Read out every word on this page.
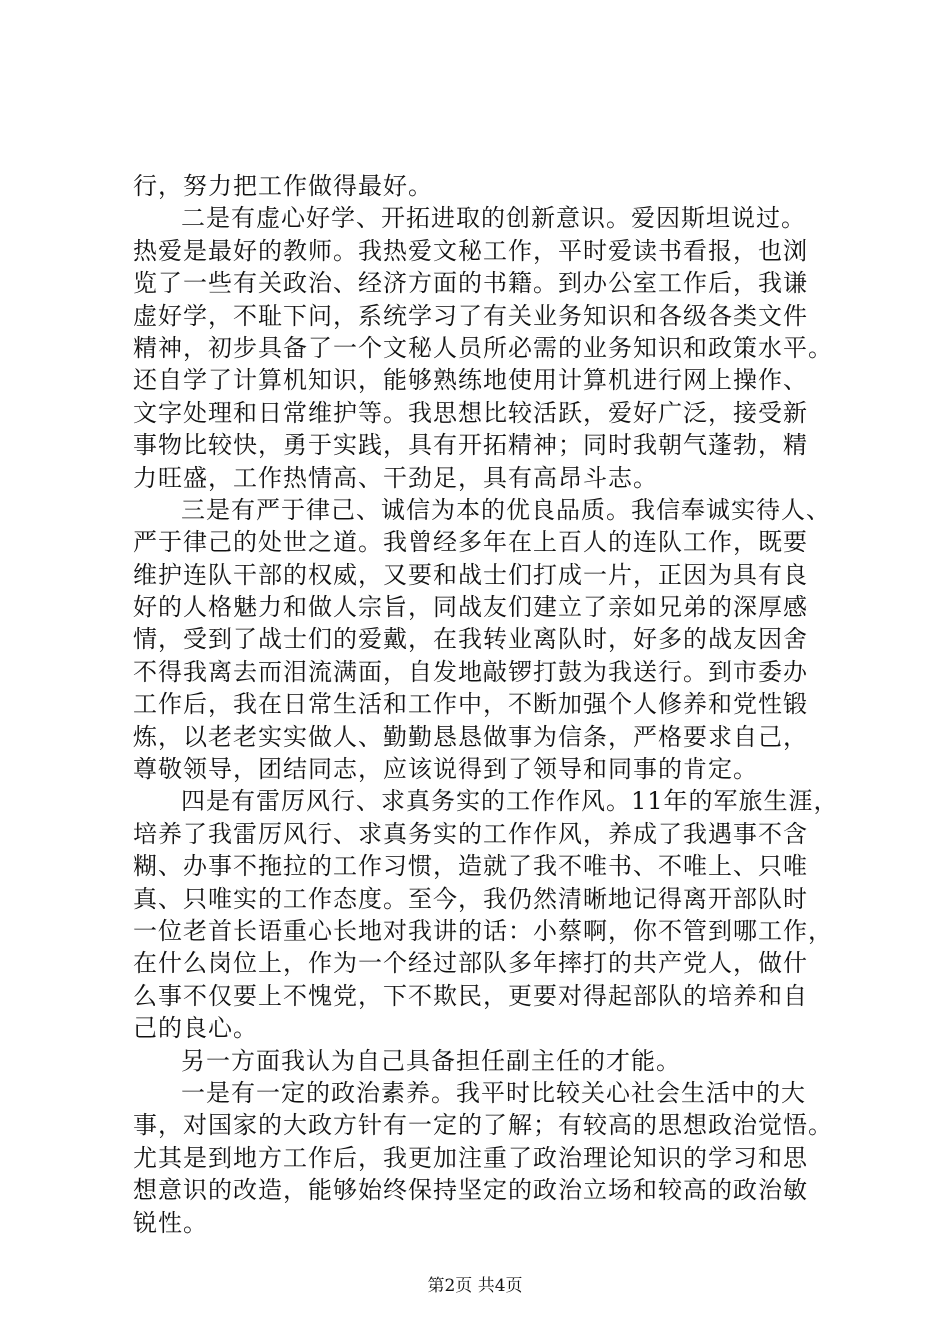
行，努力把工作做得最好。
二是有虚心好学、开拓进取的创新意识。爱因斯坦说过。
热爱是最好的教师。我热爱文秘工作，平时爱读书看报，也浏
览了一些有关政治、经济方面的书籍。到办公室工作后，我谦
虚好学，不耻下问，系统学习了有关业务知识和各级各类文件
精神，初步具备了一个文秘人员所必需的业务知识和政策水平。
还自学了计算机知识，能够熟练地使用计算机进行网上操作、
文字处理和日常维护等。我思想比较活跃，爱好广泛，接受新
事物比较快，勇于实践，具有开拓精神；同时我朝气蓬勃，精
力旺盛，工作热情高、干劲足，具有高昂斗志。
三是有严于律己、诚信为本的优良品质。我信奉诚实待人、
严于律己的处世之道。我曾经多年在上百人的连队工作，既要
维护连队干部的权威，又要和战士们打成一片，正因为具有良
好的人格魅力和做人宗旨，同战友们建立了亲如兄弟的深厚感
情，受到了战士们的爱戴，在我转业离队时，好多的战友因舍
不得我离去而泪流满面，自发地敲锣打鼓为我送行。到市委办
工作后，我在日常生活和工作中，不断加强个人修养和党性锻
炼，以老老实实做人、勤勤恳恳做事为信条，严格要求自己，
尊敬领导，团结同志，应该说得到了领导和同事的肯定。
四是有雷厉风行、求真务实的工作作风。11年的军旅生涯，
培养了我雷厉风行、求真务实的工作作风，养成了我遇事不含
糊、办事不拖拉的工作习惯，造就了我不唯书、不唯上、只唯
真、只唯实的工作态度。至今，我仍然清晰地记得离开部队时
一位老首长语重心长地对我讲的话：小蔡啊，你不管到哪工作，
在什么岗位上，作为一个经过部队多年摔打的共产党人，做什
么事不仅要上不愧党，下不欺民，更要对得起部队的培养和自
己的良心。
另一方面我认为自己具备担任副主任的才能。
一是有一定的政治素养。我平时比较关心社会生活中的大
事，对国家的大政方针有一定的了解；有较高的思想政治觉悟。
尤其是到地方工作后，我更加注重了政治理论知识的学习和思
想意识的改造，能够始终保持坚定的政治立场和较高的政治敏
锐性。
第2页 共4页
